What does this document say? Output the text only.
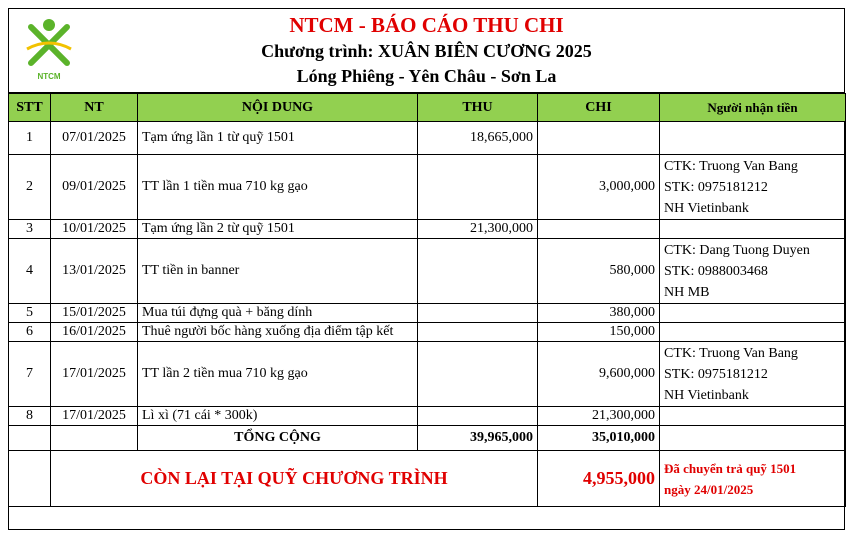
NTCM
NTCM - BÁO CÁO THU CHI
Chương trình: XUÂN BIÊN CƯƠNG 2025
Lóng Phiêng - Yên Châu - Sơn La
STT	NT	NỘI DUNG	THU	CHI	Người nhận tiền
1	07/01/2025	Tạm ứng lần 1 từ quỹ 1501	18,665,000		
2	09/01/2025	TT lần 1 tiền mua 710 kg gạo		3,000,000	CTK: Truong Van Bang
STK: 0975181212
NH Vietinbank

3	10/01/2025	Tạm ứng lần 2 từ quỹ 1501	21,300,000		
4	13/01/2025	TT tiền in banner		580,000	CTK: Dang Tuong Duyen
STK: 0988003468
NH MB

5	15/01/2025	Mua túi đựng quà + băng dính		380,000	
6	16/01/2025	Thuê người bốc hàng xuống địa điểm tập kết		150,000	
7	17/01/2025	TT lần 2 tiền mua 710 kg gạo		9,600,000	CTK: Truong Van Bang
STK: 0975181212
NH Vietinbank

8	17/01/2025	Lì xì (71 cái * 300k)		21,300,000	
		TỔNG CỘNG	39,965,000	35,010,000	
	CÒN LẠI TẠI QUỸ CHƯƠNG TRÌNH			4,955,000	Đã chuyển trả quỹ 1501
ngày 24/01/2025
